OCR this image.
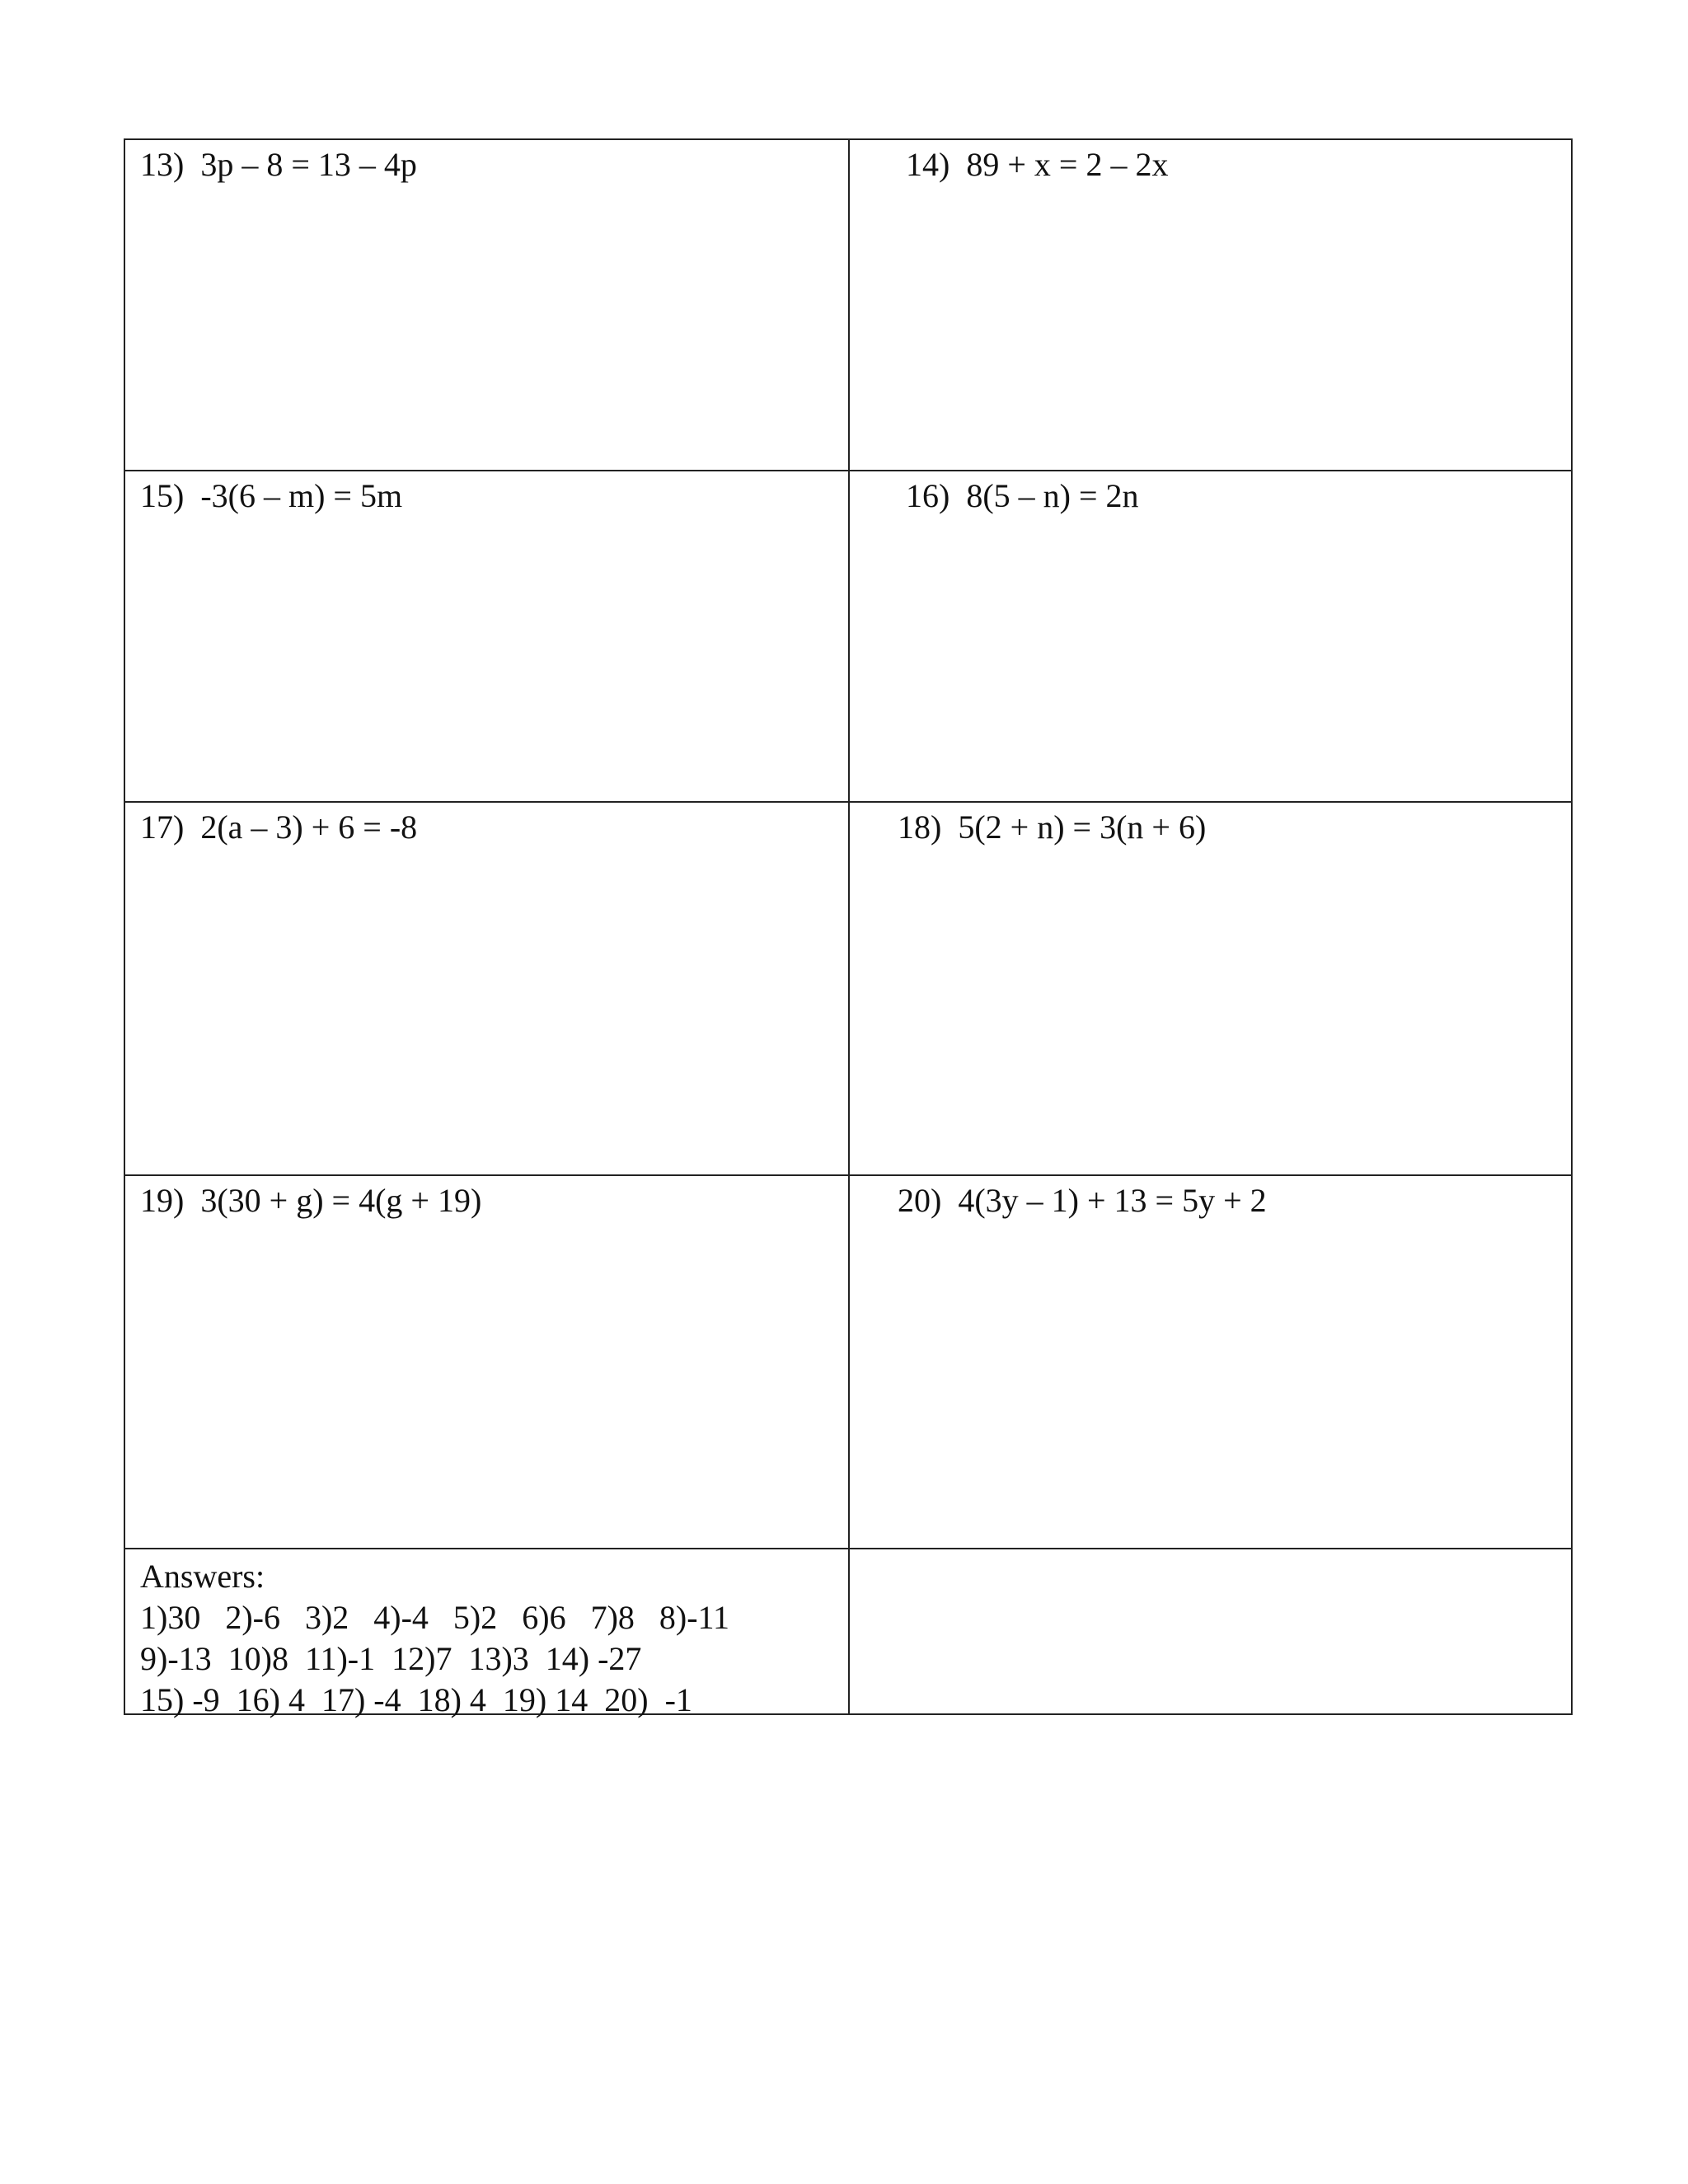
13)  3p – 8 = 13 – 4p	14)  89 + x = 2 – 2x
15)  -3(6 – m) = 5m	16)  8(5 – n) = 2n
17)  2(a – 3) + 6 = -8	18)  5(2 + n) = 3(n + 6)
19)  3(30 + g) = 4(g + 19)	20)  4(3y – 1) + 13 = 5y + 2
Answers:
1)30   2)-6   3)2   4)-4   5)2   6)6   7)8   8)-11
9)-13  10)8  11)-1  12)7  13)3  14) -27
15) -9  16) 4  17) -4  18) 4  19) 14  20)  -1
